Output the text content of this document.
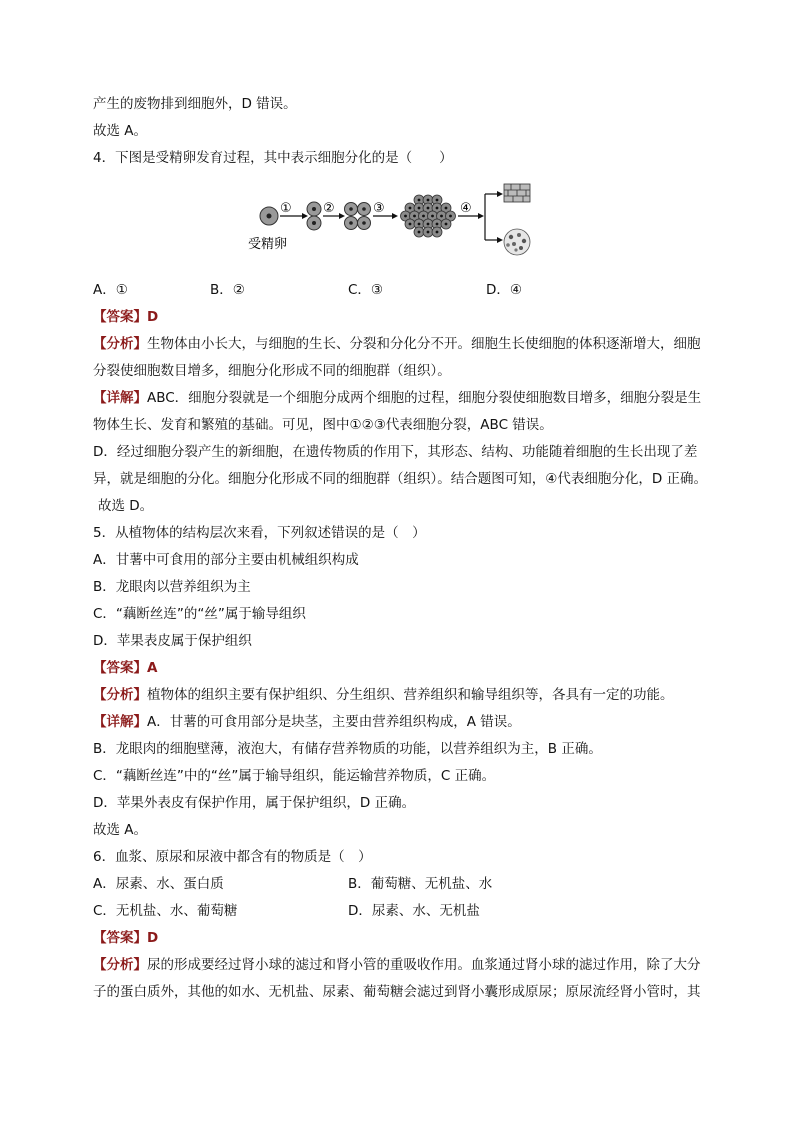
产生的废物排到细胞外，D 错误。
故选 A。
4．下图是受精卵发育过程，其中表示细胞分化的是（　　）
① ②	③	④
受精卵
A．①	B．②	C．③	D．④
【答案】D
【分析】生物体由小长大，与细胞的生长、分裂和分化分不开。细胞生长使细胞的体积逐渐增大，细胞
分裂使细胞数目增多，细胞分化形成不同的细胞群（组织）。
【详解】ABC．细胞分裂就是一个细胞分成两个细胞的过程，细胞分裂使细胞数目增多，细胞分裂是生
物体生长、发育和繁殖的基础。可见，图中①②③代表细胞分裂，ABC 错误。
D．经过细胞分裂产生的新细胞，在遗传物质的作用下，其形态、结构、功能随着细胞的生长出现了差
异，就是细胞的分化。细胞分化形成不同的细胞群（组织）。结合题图可知，④代表细胞分化，D 正确。
故选 D。
5．从植物体的结构层次来看，下列叙述错误的是（　）
A．甘薯中可食用的部分主要由机械组织构成
B．龙眼肉以营养组织为主
C．“藕断丝连”的“丝”属于输导组织
D．苹果表皮属于保护组织
【答案】A
【分析】植物体的组织主要有保护组织、分生组织、营养组织和输导组织等，各具有一定的功能。
【详解】A．甘薯的可食用部分是块茎，主要由营养组织构成，A 错误。
B．龙眼肉的细胞壁薄，液泡大，有储存营养物质的功能，以营养组织为主，B 正确。
C．“藕断丝连”中的“丝”属于输导组织，能运输营养物质，C 正确。
D．苹果外表皮有保护作用，属于保护组织，D 正确。
故选 A。
6．血浆、原尿和尿液中都含有的物质是（　）
A．尿素、水、蛋白质	B．葡萄糖、无机盐、水
C．无机盐、水、葡萄糖	D．尿素、水、无机盐
【答案】D
【分析】尿的形成要经过肾小球的滤过和肾小管的重吸收作用。血浆通过肾小球的滤过作用，除了大分
子的蛋白质外，其他的如水、无机盐、尿素、葡萄糖会滤过到肾小囊形成原尿；原尿流经肾小管时，其
